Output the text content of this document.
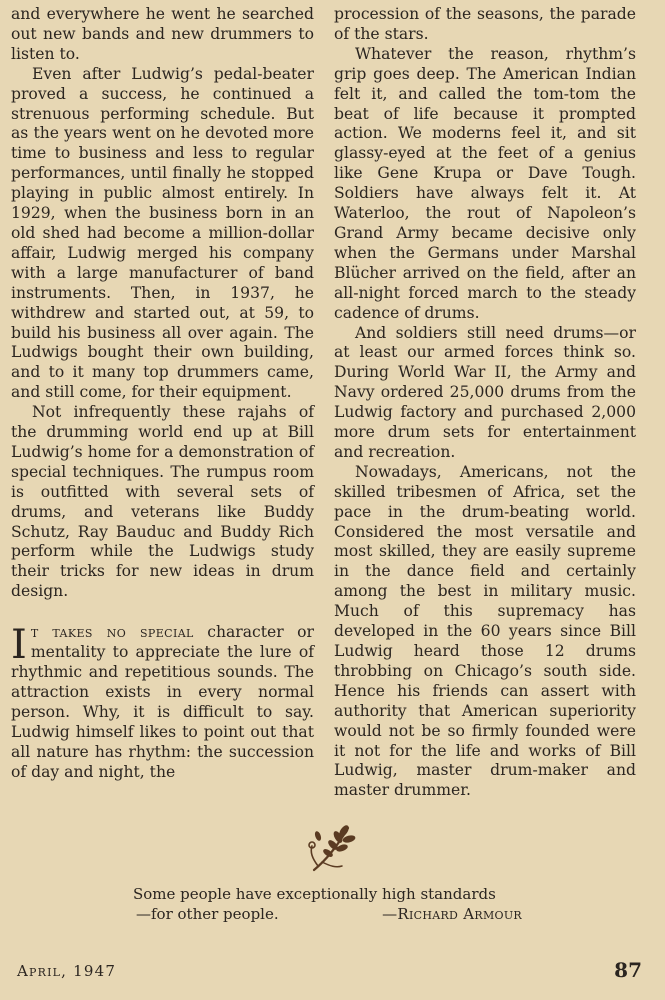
and everywhere he went he searched out new bands and new drummers to listen to.

Even after Ludwig’s pedal-beater proved a success, he continued a strenuous performing schedule. But as the years went on he devoted more time to business and less to regular performances, until finally he stopped playing in public almost entirely. In 1929, when the business born in an old shed had become a million-dollar affair, Ludwig merged his company with a large manufacturer of band instruments. Then, in 1937, he withdrew and started out, at 59, to build his business all over again. The Ludwigs bought their own building, and to it many top drummers came, and still come, for their equipment.

Not infrequently these rajahs of the drumming world end up at Bill Ludwig’s home for a demonstration of special techniques. The rumpus room is outfitted with several sets of drums, and veterans like Buddy Schutz, Ray Bauduc and Buddy Rich perform while the Ludwigs study their tricks for new ideas in drum design.

It takes no special character or mentality to appreciate the lure of rhythmic and repetitious sounds. The attraction exists in every normal person. Why, it is difficult to say. Ludwig himself likes to point out that all nature has rhythm: the succession of day and night, the

procession of the seasons, the parade of the stars.

Whatever the reason, rhythm’s grip goes deep. The American Indian felt it, and called the tom-tom the beat of life because it prompted action. We moderns feel it, and sit glassy-eyed at the feet of a genius like Gene Krupa or Dave Tough. Soldiers have always felt it. At Waterloo, the rout of Napoleon’s Grand Army became decisive only when the Germans under Marshal Blücher arrived on the field, after an all-night forced march to the steady cadence of drums.

And soldiers still need drums—or at least our armed forces think so. During World War II, the Army and Navy ordered 25,000 drums from the Ludwig factory and purchased 2,000 more drum sets for entertainment and recreation.

Nowadays, Americans, not the skilled tribesmen of Africa, set the pace in the drum-beating world. Considered the most versatile and most skilled, they are easily supreme in the dance field and certainly among the best in military music. Much of this supremacy has developed in the 60 years since Bill Ludwig heard those 12 drums throbbing on Chicago’s south side. Hence his friends can assert with authority that American superiority would not be so firmly founded were it not for the life and works of Bill Ludwig, master drum-maker and master drummer.

Some people have exceptionally high standards
—for other people.	—Richard Armour
April, 1947	87
